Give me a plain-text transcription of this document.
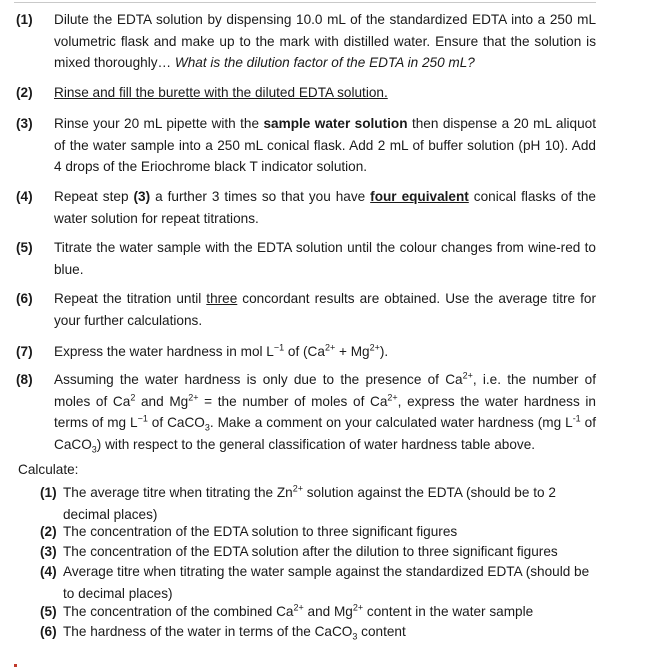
(1) Dilute the EDTA solution by dispensing 10.0 mL of the standardized EDTA into a 250 mL volumetric flask and make up to the mark with distilled water. Ensure that the solution is mixed thoroughly… What is the dilution factor of the EDTA in 250 mL?
(2) Rinse and fill the burette with the diluted EDTA solution.
(3) Rinse your 20 mL pipette with the sample water solution then dispense a 20 mL aliquot of the water sample into a 250 mL conical flask. Add 2 mL of buffer solution (pH 10). Add 4 drops of the Eriochrome black T indicator solution.
(4) Repeat step (3) a further 3 times so that you have four equivalent conical flasks of the water solution for repeat titrations.
(5) Titrate the water sample with the EDTA solution until the colour changes from wine-red to blue.
(6) Repeat the titration until three concordant results are obtained. Use the average titre for your further calculations.
(7) Express the water hardness in mol $L^{-1}$ of $(Ca^{2+} + Mg^{2+})$.
(8) Assuming the water hardness is only due to the presence of $Ca^{2+}$, i.e. the number of moles of Ca$^2$ and $Mg^{2+}$ = the number of moles of $Ca^{2+}$, express the water hardness in terms of mg $L^{-1}$ of CaCO$_3$. Make a comment on your calculated water hardness (mg $L^{-1}$ of CaCO$_3$) with respect to the general classification of water hardness table above.
Calculate:
(1) The average titre when titrating the $Zn^{2+}$ solution against the EDTA (should be to 2 decimal places)
(2) The concentration of the EDTA solution to three significant figures
(3) The concentration of the EDTA solution after the dilution to three significant figures
(4) Average titre when titrating the water sample against the standardized EDTA (should be to decimal places)
(5) The concentration of the combined $Ca^{2+}$ and $Mg^{2+}$ content in the water sample
(6) The hardness of the water in terms of the CaCO$_3$ content
